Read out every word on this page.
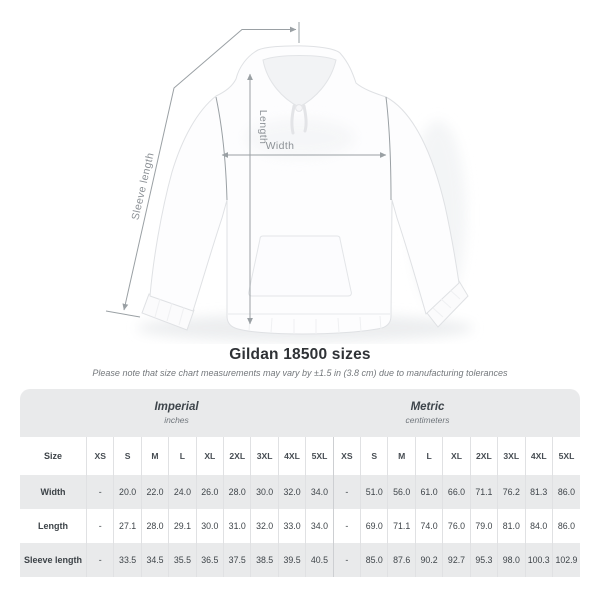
Sleeve length
Length
Width
Gildan 18500 sizes

Please note that size chart measurements may vary by ±1.5 in (3.8 cm) due to manufacturing tolerances

Imperial
inches
Metric
centimeters
Size	XS	S	M	L	XL	2XL	3XL	4XL	5XL	XS	S	M	L	XL	2XL	3XL	4XL	5XL
Width	-	20.0	22.0	24.0	26.0	28.0	30.0	32.0	34.0	-	51.0	56.0	61.0	66.0	71.1	76.2	81.3	86.0
Length	-	27.1	28.0	29.1	30.0	31.0	32.0	33.0	34.0	-	69.0	71.1	74.0	76.0	79.0	81.0	84.0	86.0
Sleeve length	-	33.5	34.5	35.5	36.5	37.5	38.5	39.5	40.5	-	85.0	87.6	90.2	92.7	95.3	98.0	100.3	102.9
